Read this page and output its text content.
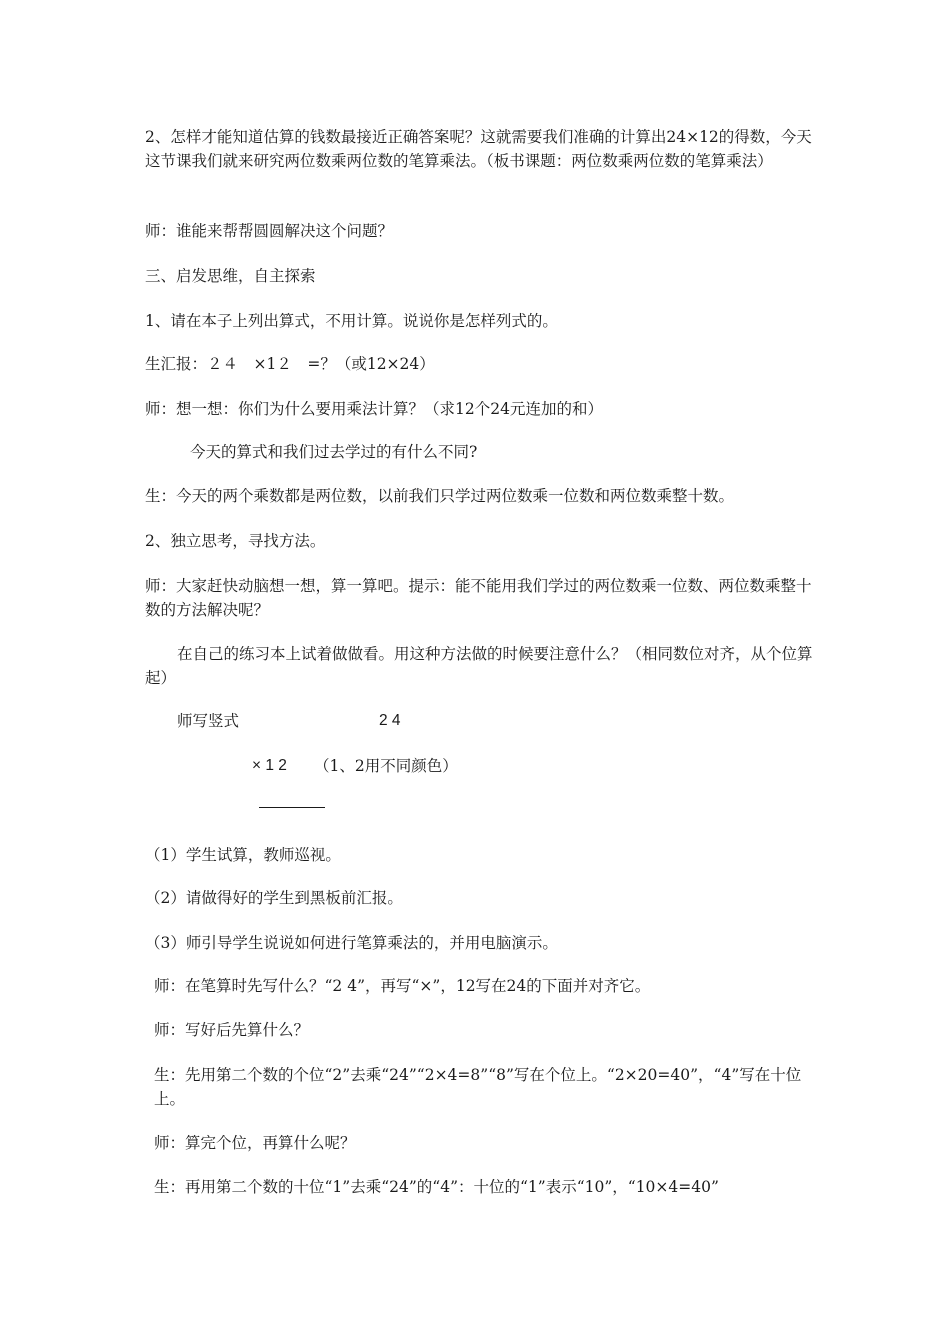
2、怎样才能知道估算的钱数最接近正确答案呢？这就需要我们准确的计算出24×12的得数，今天这节课我们就来研究两位数乘两位数的笔算乘法。（板书课题：两位数乘两位数的笔算乘法）

师：谁能来帮帮圆圆解决这个问题？

三、启发思维，自主探索

1、请在本子上列出算式，不用计算。说说你是怎样列式的。

生汇报：２４　×1２　=？（或12×24）

师：想一想：你们为什么要用乘法计算？（求12个24元连加的和）

今天的算式和我们过去学过的有什么不同?

生：今天的两个乘数都是两位数，以前我们只学过两位数乘一位数和两位数乘整十数。

2、独立思考，寻找方法。

师：大家赶快动脑想一想，算一算吧。提示：能不能用我们学过的两位数乘一位数、两位数乘整十数的方法解决呢？

在自己的练习本上试着做做看。用这种方法做的时候要注意什么？（相同数位对齐，从个位算起）

师写竖式	2 4

× 1 2	（1、2用不同颜色）

（1）学生试算，教师巡视。

（2）请做得好的学生到黑板前汇报。

（3）师引导学生说说如何进行笔算乘法的，并用电脑演示。

师：在笔算时先写什么？“2 4”，再写“×”，12写在24的下面并对齐它。

师：写好后先算什么？

生：先用第二个数的个位“2”去乘“24”“2×4=8”“8”写在个位上。“2×20=40”，“4”写在十位上。

师：算完个位，再算什么呢？

生：再用第二个数的十位“1”去乘“24”的“4”：十位的“1”表示“10”，“10×4=40”
